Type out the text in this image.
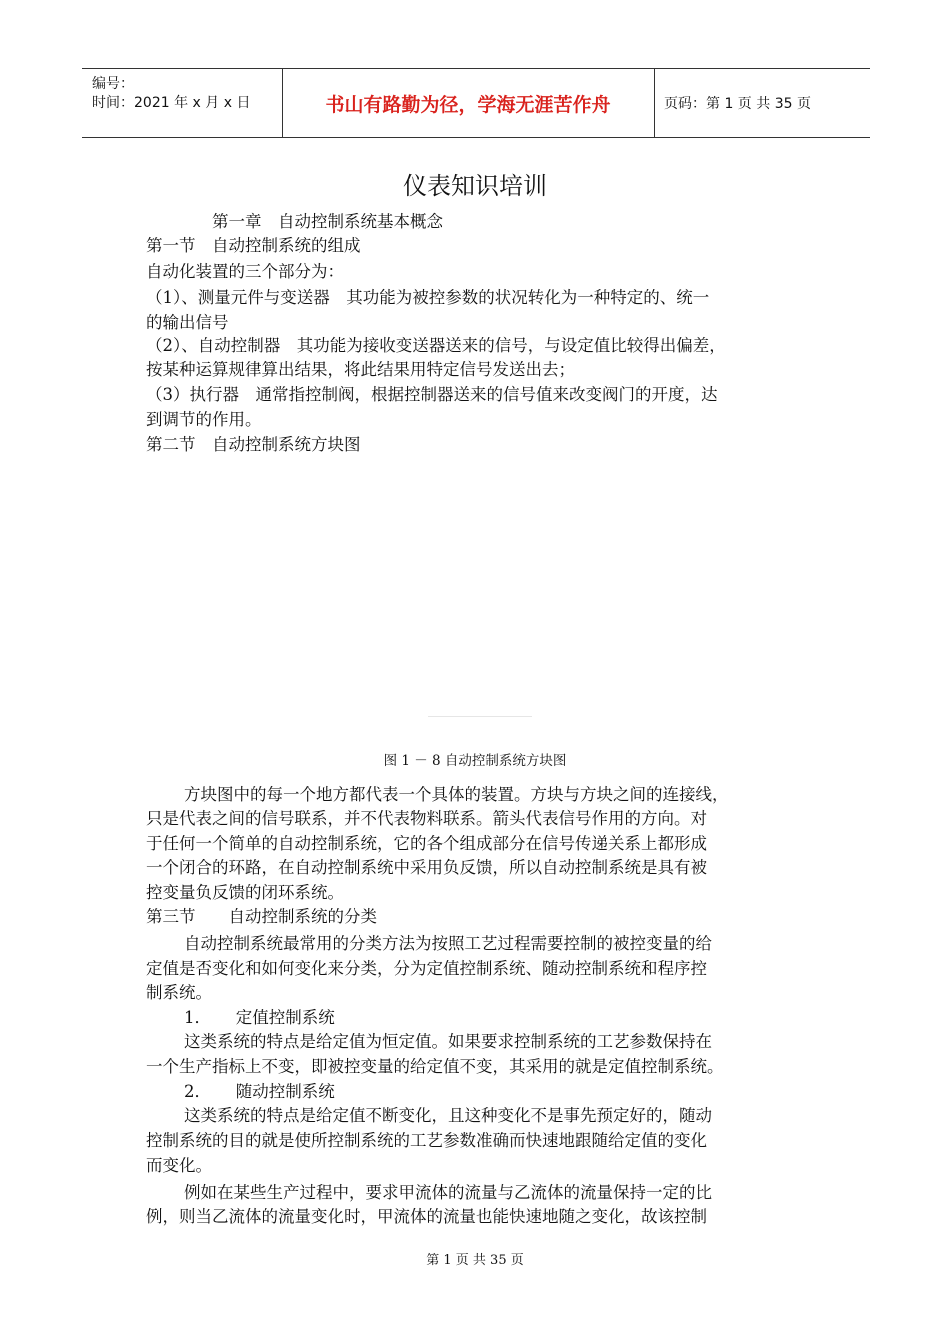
编号：
时间：2021 年 x 月 x 日	书山有路勤为径，学海无涯苦作舟	页码：第 1 页 共 35 页
仪表知识培训
第一章　自动控制系统基本概念
第一节　自动控制系统的组成
自动化装置的三个部分为：
（1）、测量元件与变送器　其功能为被控参数的状况转化为一种特定的、统一
的输出信号
（2）、自动控制器　其功能为接收变送器送来的信号，与设定值比较得出偏差，
按某种运算规律算出结果，将此结果用特定信号发送出去；
（3）执行器　通常指控制阀，根据控制器送来的信号值来改变阀门的开度，达
到调节的作用。
第二节　自动控制系统方块图
图 1 － 8 自动控制系统方块图
方块图中的每一个地方都代表一个具体的装置。方块与方块之间的连接线，
只是代表之间的信号联系，并不代表物料联系。箭头代表信号作用的方向。对
于任何一个简单的自动控制系统，它的各个组成部分在信号传递关系上都形成
一个闭合的环路，在自动控制系统中采用负反馈，所以自动控制系统是具有被
控变量负反馈的闭环系统。
第三节　　自动控制系统的分类
自动控制系统最常用的分类方法为按照工艺过程需要控制的被控变量的给
定值是否变化和如何变化来分类，分为定值控制系统、随动控制系统和程序控
制系统。
1．　　定值控制系统
这类系统的特点是给定值为恒定值。如果要求控制系统的工艺参数保持在
一个生产指标上不变，即被控变量的给定值不变，其采用的就是定值控制系统。
2．　　随动控制系统
这类系统的特点是给定值不断变化，且这种变化不是事先预定好的，随动
控制系统的目的就是使所控制系统的工艺参数准确而快速地跟随给定值的变化
而变化。
例如在某些生产过程中，要求甲流体的流量与乙流体的流量保持一定的比
例，则当乙流体的流量变化时，甲流体的流量也能快速地随之变化，故该控制
第 1 页 共 35 页
